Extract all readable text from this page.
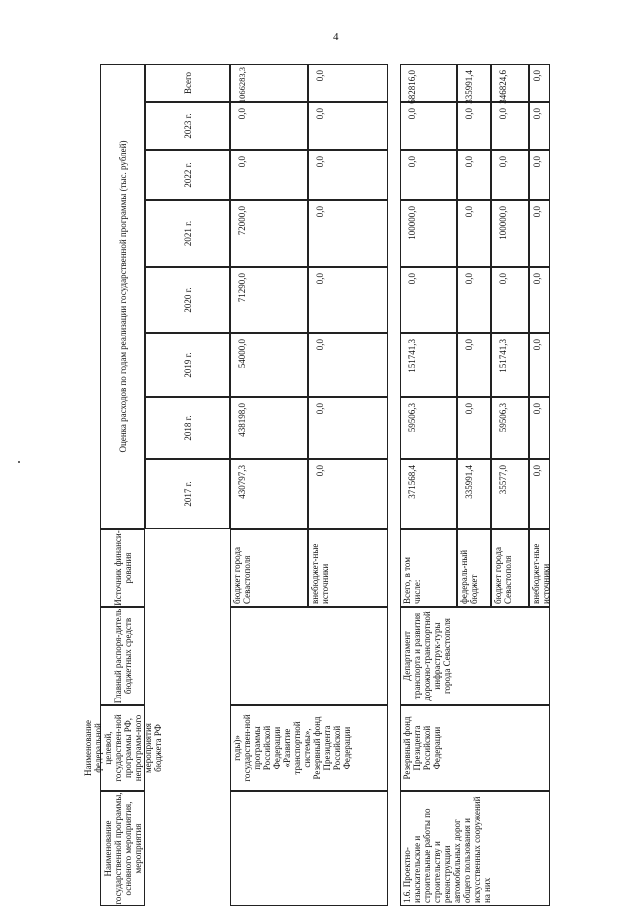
4
Наименование государственной программы, основного мероприятия, мероприятия
Наименование федеральной целевой, государствен-ной программы РФ, непрограмм-ного мероприятия бюджета РФ
Главный распоря-дитель бюджетных средств
Источник финанси-рования
Оценка расходов по годам реализации государственной программы (тыс. рублей)
2017 г.
2018 г.
2019 г.
2020 г.
2021 г.
2022 г.
2023 г.
Всего
годы)» государствен-ной программы Российской Федерации «Развитие транспортной системы», Резервный фонд Президента Российской Федерации
бюджет города Севастополя
430797,3
438198,0
54000,0
71290,0
72000,0
0,0
0,0
1066283,3
внебюджет-ные источники
0,0
0,0
0,0
0,0
0,0
0,0
0,0
0,0
1.6. Проектно-изыскательские и строительные работы по строительству и реконструкции автомобильных дорог общего пользования и искусственных сооружений на них
Резервный фонд Президента Российской Федерации
Департамент транспорта и развития дорожно-транспортной инфраструк-туры города Севастополя
Всего, в том числе:
371568,4
59506,3
151741,3
0,0
100000,0
0,0
0,0
682816,0
федераль-ный бюджет
335991,4
0,0
0,0
0,0
0,0
0,0
0,0
335991,4
бюджет города Севастополя
35577,0
59506,3
151741,3
0,0
100000,0
0,0
0,0
346824,6
внебюджет-ные источники
0,0
0,0
0,0
0,0
0,0
0,0
0,0
0,0
